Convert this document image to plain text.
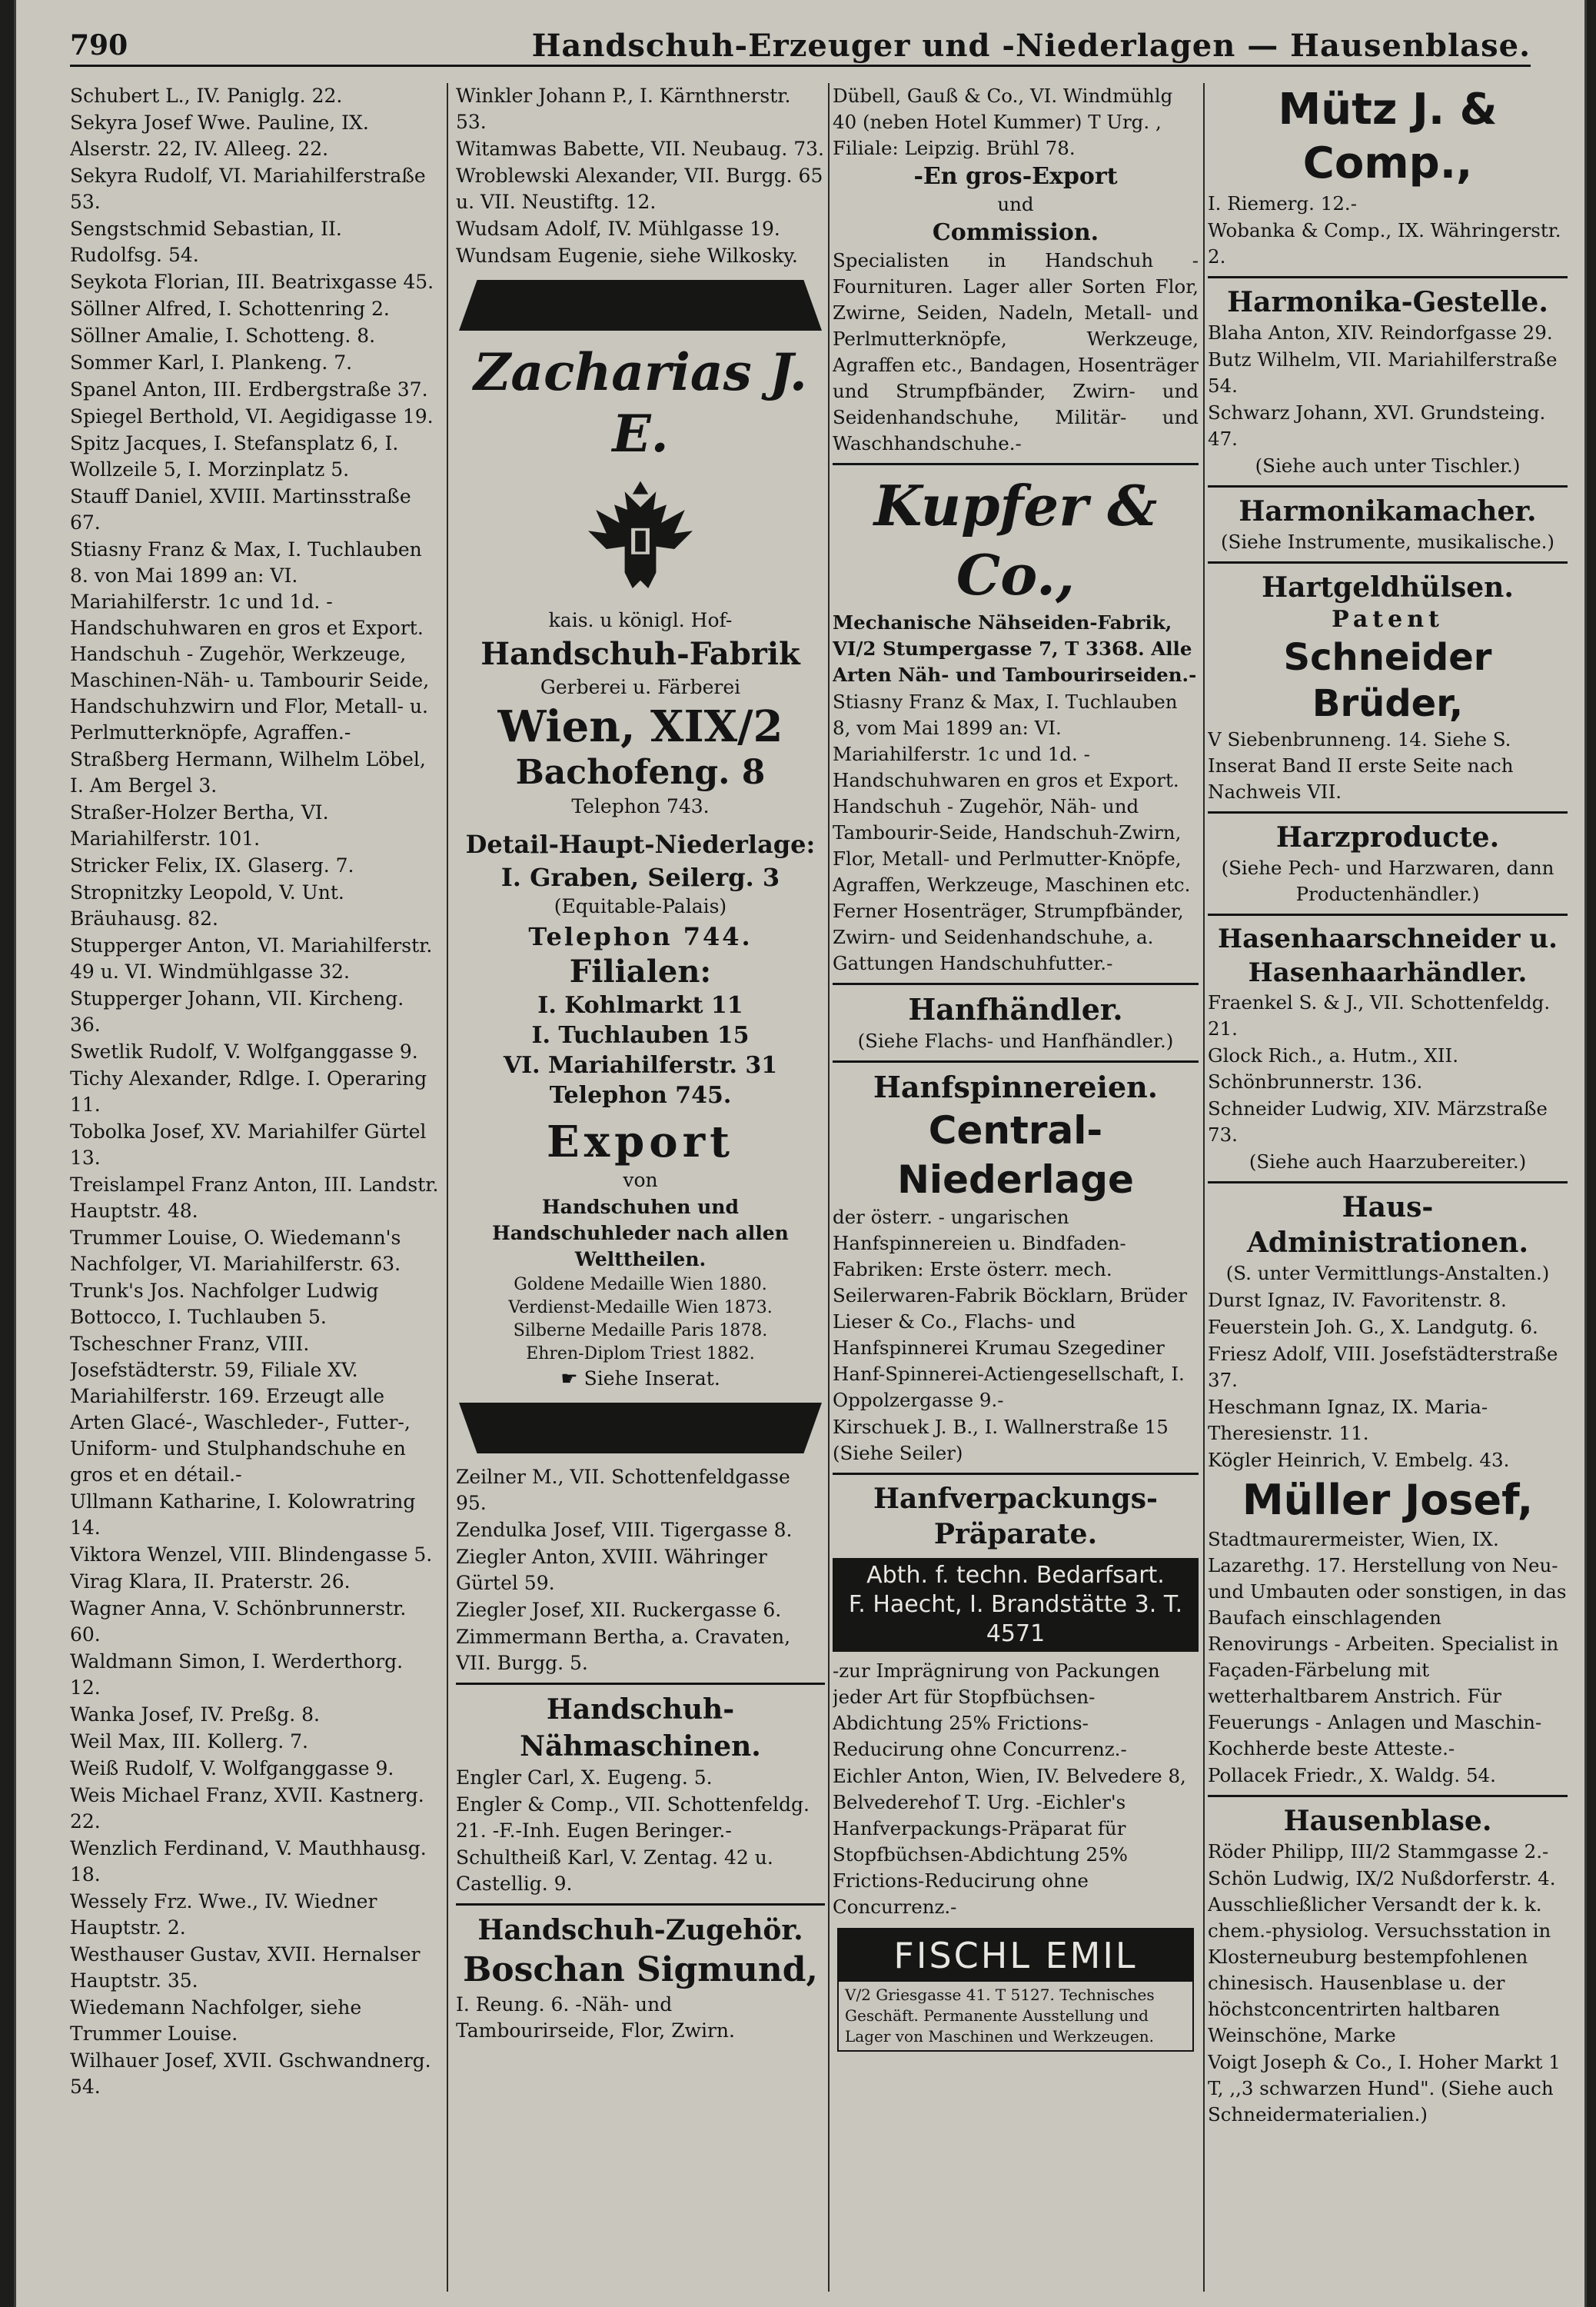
790	Handschuh-Erzeuger und -Niederlagen — Hausenblase.
Schubert L., IV. Paniglg. 22.
Sekyra Josef Wwe. Pauline, IX. Alserstr. 22, IV. Alleeg. 22.
Sekyra Rudolf, VI. Mariahilferstraße 53.
Sengstschmid Sebastian, II. Rudolfsg. 54.
Seykota Florian, III. Beatrixgasse 45.
Söllner Alfred, I. Schottenring 2.
Söllner Amalie, I. Schotteng. 8.
Sommer Karl, I. Plankeng. 7.
Spanel Anton, III. Erdbergstraße 37.
Spiegel Berthold, VI. Aegidigasse 19.
Spitz Jacques, I. Stefansplatz 6, I. Wollzeile 5, I. Morzinplatz 5.
Stauff Daniel, XVIII. Martinsstraße 67.
Stiasny Franz & Max, I. Tuchlauben 8. von Mai 1899 an: VI. Mariahilferstr. 1c und 1d. -Handschuhwaren en gros et Export. Handschuh - Zugehör, Werkzeuge, Maschinen-Näh- u. Tambourir Seide, Handschuhzwirn und Flor, Metall- u. Perlmutterknöpfe, Agraffen.-
Straßberg Hermann, Wilhelm Löbel, I. Am Bergel 3.
Straßer-Holzer Bertha, VI. Mariahilferstr. 101.
Stricker Felix, IX. Glaserg. 7.
Stropnitzky Leopold, V. Unt. Bräuhausg. 82.
Stupperger Anton, VI. Mariahilferstr. 49 u. VI. Windmühlgasse 32.
Stupperger Johann, VII. Kircheng. 36.
Swetlik Rudolf, V. Wolfganggasse 9.
Tichy Alexander, Rdlge. I. Operaring 11.
Tobolka Josef, XV. Mariahilfer Gürtel 13.
Treislampel Franz Anton, III. Landstr. Hauptstr. 48.
Trummer Louise, O. Wiedemann's Nachfolger, VI. Mariahilferstr. 63.
Trunk's Jos. Nachfolger Ludwig Bottocco, I. Tuchlauben 5.
Tscheschner Franz, VIII. Josefstädterstr. 59, Filiale XV. Mariahilferstr. 169. Erzeugt alle Arten Glacé-, Waschleder-, Futter-, Uniform- und Stulphandschuhe en gros et en détail.-
Ullmann Katharine, I. Kolowratring 14.
Viktora Wenzel, VIII. Blindengasse 5.
Virag Klara, II. Praterstr. 26.
Wagner Anna, V. Schönbrunnerstr. 60.
Waldmann Simon, I. Werderthorg. 12.
Wanka Josef, IV. Preßg. 8.
Weil Max, III. Kollerg. 7.
Weiß Rudolf, V. Wolfganggasse 9.
Weis Michael Franz, XVII. Kastnerg. 22.
Wenzlich Ferdinand, V. Mauthhausg. 18.
Wessely Frz. Wwe., IV. Wiedner Hauptstr. 2.
Westhauser Gustav, XVII. Hernalser Hauptstr. 35.
Wiedemann Nachfolger, siehe Trummer Louise.
Wilhauer Josef, XVII. Gschwandnerg. 54.
Winkler Johann P., I. Kärnthnerstr. 53.
Witamwas Babette, VII. Neubaug. 73.
Wroblewski Alexander, VII. Burgg. 65 u. VII. Neustiftg. 12.
Wudsam Adolf, IV. Mühlgasse 19.
Wundsam Eugenie, siehe Wilkosky.
Zacharias J. E.
kais. u königl. Hof-
Handschuh-Fabrik
Gerberei u. Färberei
Wien, XIX/2
Bachofeng. 8
Telephon 743.
Detail-Haupt-Niederlage:
I. Graben, Seilerg. 3
(Equitable-Palais)
Telephon 744.
Filialen:
I. Kohlmarkt 11
I. Tuchlauben 15
VI. Mariahilferstr. 31
Telephon 745.
Export
von
Handschuhen und Handschuhleder nach allen Welttheilen.
Goldene Medaille Wien 1880.
Verdienst-Medaille Wien 1873.
Silberne Medaille Paris 1878.
Ehren-Diplom Triest 1882.
☛ Siehe Inserat.
Zeilner M., VII. Schottenfeldgasse 95.
Zendulka Josef, VIII. Tigergasse 8.
Ziegler Anton, XVIII. Währinger Gürtel 59.
Ziegler Josef, XII. Ruckergasse 6.
Zimmermann Bertha, a. Cravaten, VII. Burgg. 5.
Handschuh-Nähmaschinen.
Engler Carl, X. Eugeng. 5.
Engler & Comp., VII. Schottenfeldg. 21. -F.-Inh. Eugen Beringer.-
Schultheiß Karl, V. Zentag. 42 u. Castellig. 9.
Handschuh-Zugehör.
Boschan Sigmund,
I. Reung. 6. -Näh- und Tambourirseide, Flor, Zwirn.
Dübell, Gauß & Co., VI. Windmühlg 40 (neben Hotel Kummer) T Urg. , Filiale: Leipzig. Brühl 78.
-En gros-Export
und
Commission.
Specialisten in Handschuh - Fournituren. Lager aller Sorten Flor, Zwirne, Seiden, Nadeln, Metall- und Perlmutterknöpfe, Werkzeuge, Agraffen etc., Bandagen, Hosenträger und Strumpfbänder, Zwirn- und Seidenhandschuhe, Militär- und Waschhandschuhe.-
Kupfer & Co.,
Mechanische Nähseiden-Fabrik, VI/2 Stumpergasse 7, T 3368. Alle Arten Näh- und Tambourirseiden.-
Stiasny Franz & Max, I. Tuchlauben 8, vom Mai 1899 an: VI. Mariahilferstr. 1c und 1d. -Handschuhwaren en gros et Export. Handschuh - Zugehör, Näh- und Tambourir-Seide, Handschuh-Zwirn, Flor, Metall- und Perlmutter-Knöpfe, Agraffen, Werkzeuge, Maschinen etc. Ferner Hosenträger, Strumpfbänder, Zwirn- und Seidenhandschuhe, a. Gattungen Handschuhfutter.-
Hanfhändler.
(Siehe Flachs- und Hanfhändler.)
Hanfspinnereien.
Central-Niederlage
der österr. - ungarischen Hanfspinnereien u. Bindfaden-Fabriken: Erste österr. mech. Seilerwaren-Fabrik Böcklarn, Brüder Lieser & Co., Flachs- und Hanfspinnerei Krumau Szegediner Hanf-Spinnerei-Actiengesellschaft, I. Oppolzergasse 9.-
Kirschuek J. B., I. Wallnerstraße 15 (Siehe Seiler)
Hanfverpackungs-Präparate.
Abth. f. techn. Bedarfsart.
F. Haecht, I. Brandstätte 3. T. 4571
-zur Imprägnirung von Packungen jeder Art für Stopfbüchsen-Abdichtung 25% Frictions-Reducirung ohne Concurrenz.-
Eichler Anton, Wien, IV. Belvedere 8, Belvederehof T. Urg. -Eichler's Hanfverpackungs-Präparat für Stopfbüchsen-Abdichtung 25% Frictions-Reducirung ohne Concurrenz.-
FISCHL EMIL
V/2 Griesgasse 41. T 5127. Technisches Geschäft. Permanente Ausstellung und Lager von Maschinen und Werkzeugen.
Mütz J. & Comp.,
I. Riemerg. 12.-
Wobanka & Comp., IX. Währingerstr. 2.
Harmonika-Gestelle.
Blaha Anton, XIV. Reindorfgasse 29.
Butz Wilhelm, VII. Mariahilferstraße 54.
Schwarz Johann, XVI. Grundsteing. 47.
(Siehe auch unter Tischler.)
Harmonikamacher.
(Siehe Instrumente, musikalische.)
Hartgeldhülsen.
Patent
Schneider Brüder,
V Siebenbrunneng. 14. Siehe S. Inserat Band II erste Seite nach Nachweis VII.
Harzproducte.
(Siehe Pech- und Harzwaren, dann Productenhändler.)
Hasenhaarschneider u. Hasenhaarhändler.
Fraenkel S. & J., VII. Schottenfeldg. 21.
Glock Rich., a. Hutm., XII. Schönbrunnerstr. 136.
Schneider Ludwig, XIV. Märzstraße 73.
(Siehe auch Haarzubereiter.)
Haus-Administrationen.
(S. unter Vermittlungs-Anstalten.)
Durst Ignaz, IV. Favoritenstr. 8.
Feuerstein Joh. G., X. Landgutg. 6.
Friesz Adolf, VIII. Josefstädterstraße 37.
Heschmann Ignaz, IX. Maria-Theresienstr. 11.
Kögler Heinrich, V. Embelg. 43.
Müller Josef,
Stadtmaurermeister, Wien, IX. Lazarethg. 17. Herstellung von Neu- und Umbauten oder sonstigen, in das Baufach einschlagenden Renovirungs - Arbeiten. Specialist in Façaden-Färbelung mit wetterhaltbarem Anstrich. Für Feuerungs - Anlagen und Maschin-Kochherde beste Atteste.-
Pollacek Friedr., X. Waldg. 54.
Hausenblase.
Röder Philipp, III/2 Stammgasse 2.-
Schön Ludwig, IX/2 Nußdorferstr. 4. Ausschließlicher Versandt der k. k. chem.-physiolog. Versuchsstation in Klosterneuburg bestempfohlenen chinesisch. Hausenblase u. der höchstconcentrirten haltbaren Weinschöne, Marke
Voigt Joseph & Co., I. Hoher Markt 1 T, ,,3 schwarzen Hund". (Siehe auch Schneidermaterialien.)
